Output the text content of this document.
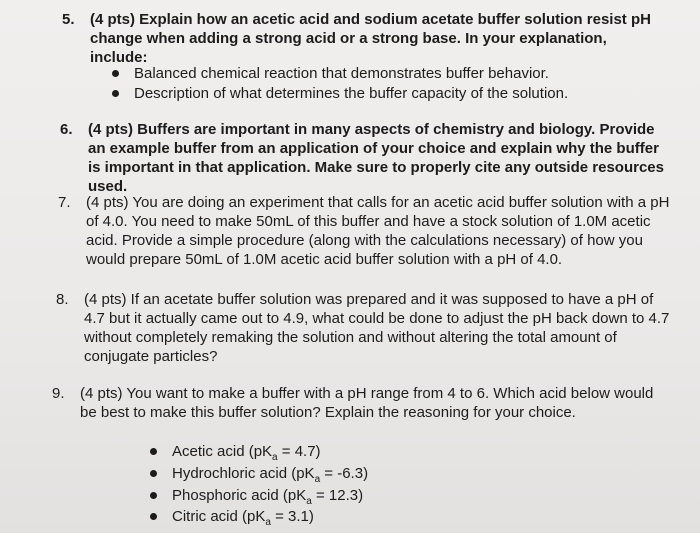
5. (4 pts) Explain how an acetic acid and sodium acetate buffer solution resist pH change when adding a strong acid or a strong base. In your explanation, include:
Balanced chemical reaction that demonstrates buffer behavior.
Description of what determines the buffer capacity of the solution.
6. (4 pts) Buffers are important in many aspects of chemistry and biology. Provide an example buffer from an application of your choice and explain why the buffer is important in that application. Make sure to properly cite any outside resources used.
7. (4 pts) You are doing an experiment that calls for an acetic acid buffer solution with a pH of 4.0. You need to make 50mL of this buffer and have a stock solution of 1.0M acetic acid. Provide a simple procedure (along with the calculations necessary) of how you would prepare 50mL of 1.0M acetic acid buffer solution with a pH of 4.0.
8. (4 pts) If an acetate buffer solution was prepared and it was supposed to have a pH of 4.7 but it actually came out to 4.9, what could be done to adjust the pH back down to 4.7 without completely remaking the solution and without altering the total amount of conjugate particles?
9. (4 pts) You want to make a buffer with a pH range from 4 to 6. Which acid below would be best to make this buffer solution? Explain the reasoning for your choice.
Acetic acid $(pK_a = 4.7)$
Hydrochloric acid $(pK_a = -6.3)$
Phosphoric acid $(pK_a = 12.3)$
Citric acid $(pK_a = 3.1)$
